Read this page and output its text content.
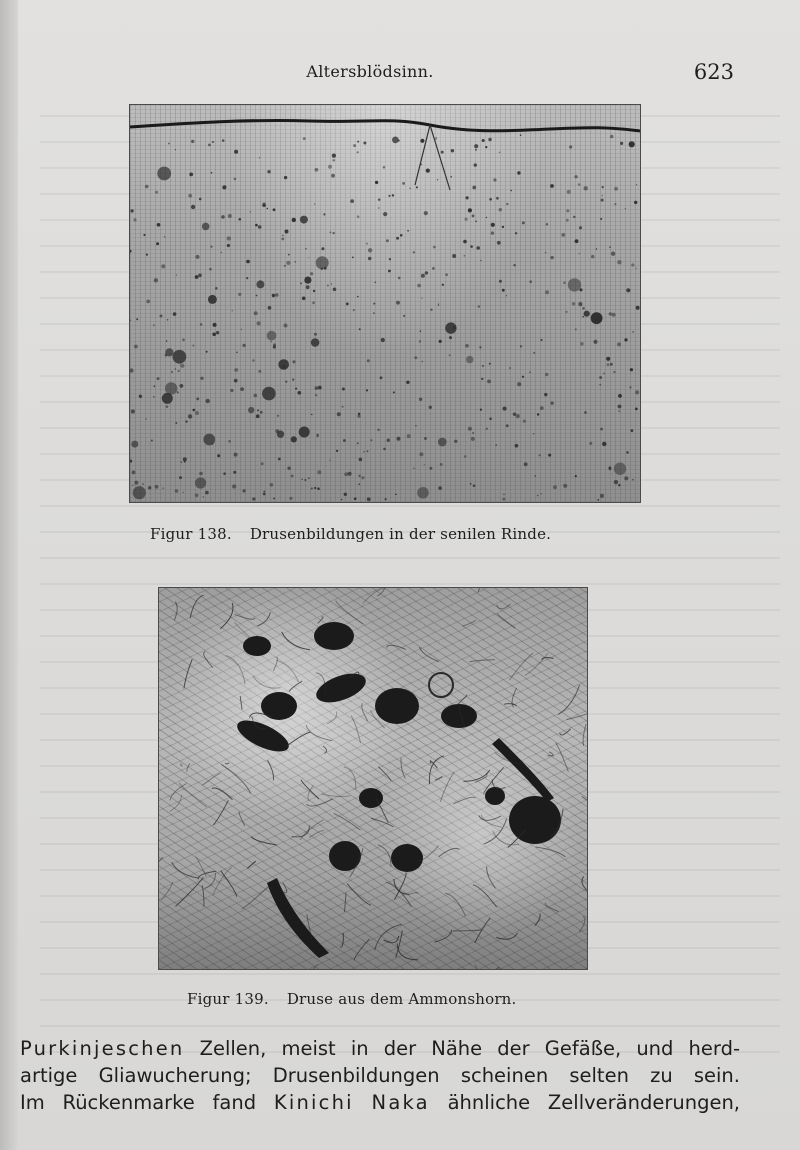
Altersblödsinn.	623
Figur 138. Drusenbildungen in der senilen Rinde.
Figur 139. Druse aus dem Ammonshorn.
Purkinjeschen Zellen, meist in der Nähe der Gefäße, und herd-
artige Gliawucherung; Drusenbildungen scheinen selten zu sein.
Im Rückenmarke fand Kinichi Naka ähnliche Zellveränderungen,
